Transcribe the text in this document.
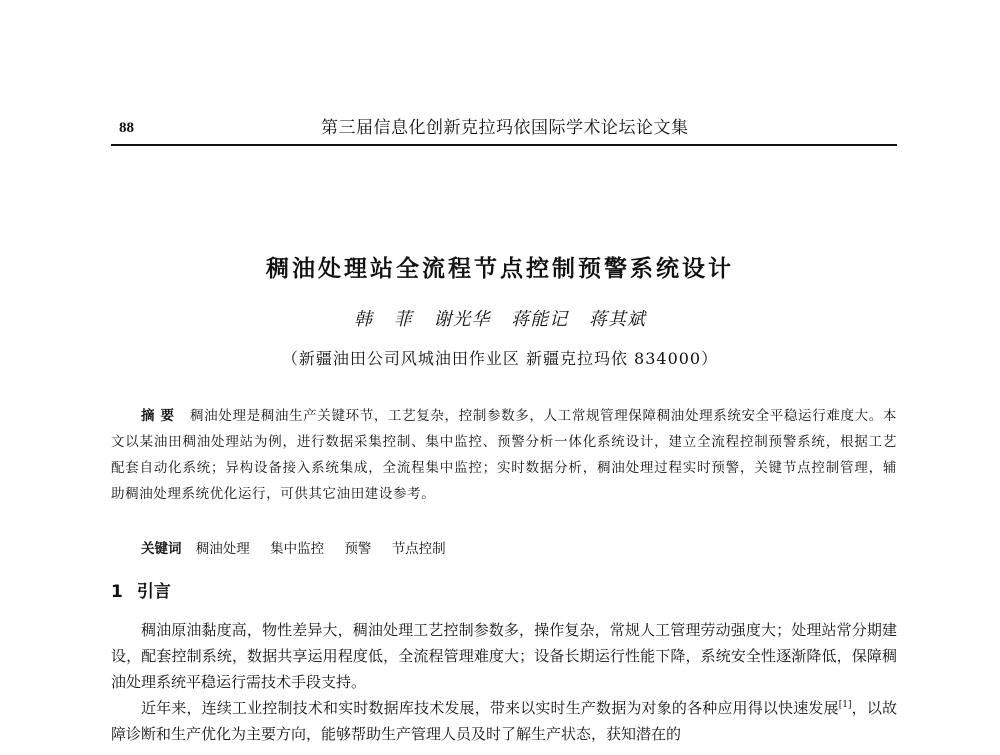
88	第三届信息化创新克拉玛依国际学术论坛论文集
稠油处理站全流程节点控制预警系统设计
韩 菲 谢光华 蒋能记 蒋其斌
（新疆油田公司风城油田作业区 新疆克拉玛依 834000）
摘要 稠油处理是稠油生产关键环节，工艺复杂，控制参数多，人工常规管理保障稠油处理系统安全平稳运行难度大。本文以某油田稠油处理站为例，进行数据采集控制、集中监控、预警分析一体化系统设计，建立全流程控制预警系统，根据工艺配套自动化系统；异构设备接入系统集成，全流程集中监控；实时数据分析，稠油处理过程实时预警，关键节点控制管理，辅助稠油处理系统优化运行，可供其它油田建设参考。
关键词 稠油处理 集中监控 预警 节点控制
1 引言

稠油原油黏度高，物性差异大，稠油处理工艺控制参数多，操作复杂，常规人工管理劳动强度大；处理站常分期建设，配套控制系统，数据共享运用程度低，全流程管理难度大；设备长期运行性能下降，系统安全性逐渐降低，保障稠油处理系统平稳运行需技术手段支持。

近年来，连续工业控制技术和实时数据库技术发展，带来以实时生产数据为对象的各种应用得以快速发展[1]，以故障诊断和生产优化为主要方向，能够帮助生产管理人员及时了解生产状态，获知潜在的
